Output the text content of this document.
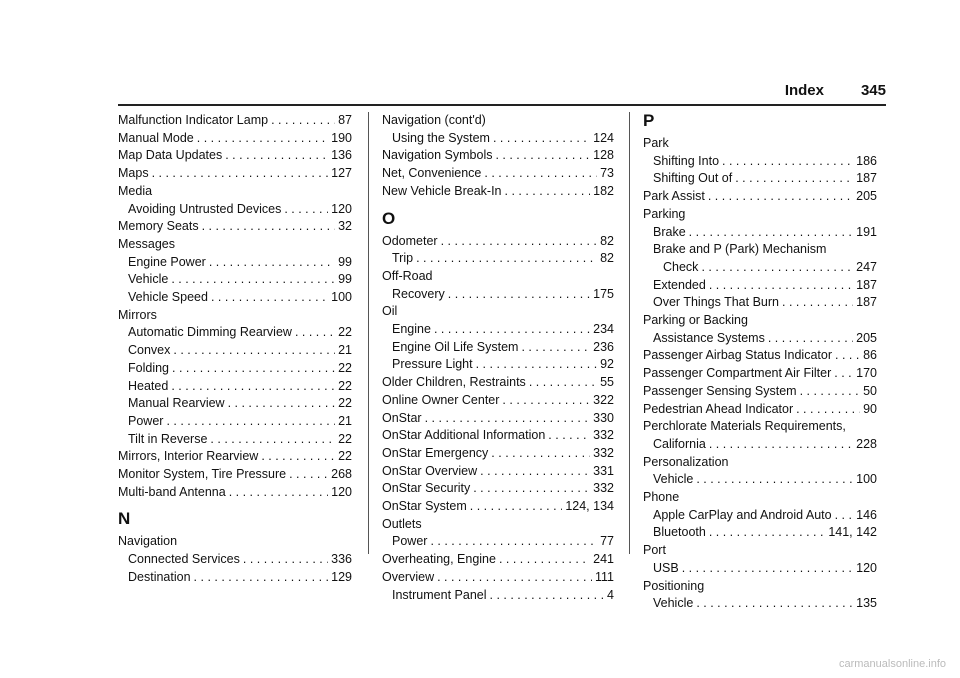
Index 345
Malfunction Indicator Lamp . . .	87
Manual Mode . . .	190
Map Data Updates . . .	136
Maps . . .	127
Media
Avoiding Untrusted Devices . . .	120
Memory Seats . . .	32
Messages
Engine Power . . .	99
Vehicle . . .	99
Vehicle Speed . . .	100
Mirrors
Automatic Dimming Rearview . . .	22
Convex . . .	21
Folding . . .	22
Heated . . .	22
Manual Rearview . . .	22
Power . . .	21
Tilt in Reverse . . .	22
Mirrors, Interior Rearview . . .	22
Monitor System, Tire Pressure . . .	268
Multi-band Antenna . . .	120
N
Navigation
Connected Services . . .	336
Destination . . .	129
Navigation (cont'd)
Using the System . . .	124
Navigation Symbols . . .	128
Net, Convenience . . .	73
New Vehicle Break-In . . .	182
O
Odometer . . .	82
Trip . . .	82
Off-Road
Recovery . . .	175
Oil
Engine . . .	234
Engine Oil Life System . . .	236
Pressure Light . . .	92
Older Children, Restraints . . .	55
Online Owner Center . . .	322
OnStar . . .	330
OnStar Additional Information . . .	332
OnStar Emergency . . .	332
OnStar Overview . . .	331
OnStar Security . . .	332
OnStar System . . .	124, 134
Outlets
Power . . .	77
Overheating, Engine . . .	241
Overview . . .	111
Instrument Panel . . .	4
P
Park
Shifting Into . . .	186
Shifting Out of . . .	187
Park Assist . . .	205
Parking
Brake . . .	191
Brake and P (Park) Mechanism
Check . . .	247
Extended . . .	187
Over Things That Burn . . .	187
Parking or Backing
Assistance Systems . . .	205
Passenger Airbag Status Indicator . . . 86
Passenger Compartment Air Filter . . . 170
Passenger Sensing System . . .	50
Pedestrian Ahead Indicator . . .	90
Perchlorate Materials Requirements,
California . . .	228
Personalization
Vehicle . . .	100
Phone
Apple CarPlay and Android Auto . . . 146
Bluetooth . . .	141, 142
Port
USB . . .	120
Positioning
Vehicle . . .	135
carmanualsonline.info
